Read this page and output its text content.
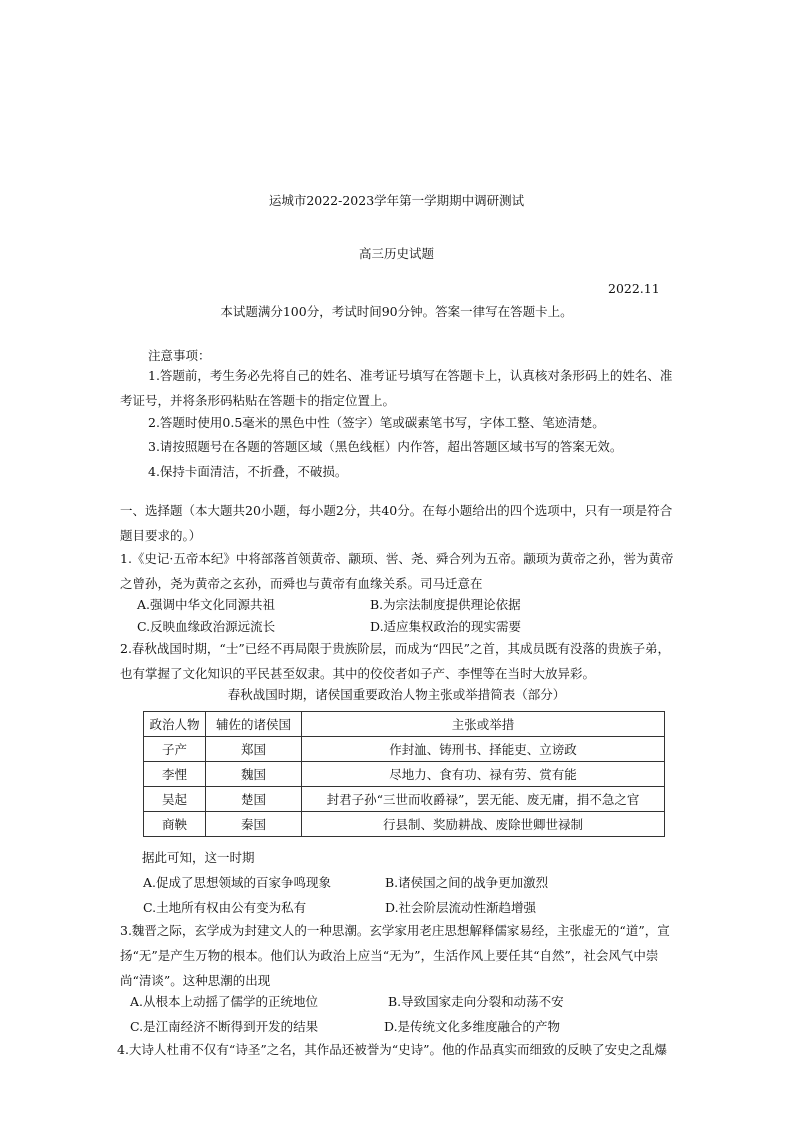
运城市2022-2023学年第一学期期中调研测试
高三历史试题
2022.11
本试题满分100分，考试时间90分钟。答案一律写在答题卡上。
注意事项：
1.答题前，考生务必先将自己的姓名、准考证号填写在答题卡上，认真核对条形码上的姓名、准考证号，并将条形码粘贴在答题卡的指定位置上。
2.答题时使用0.5毫米的黑色中性（签字）笔或碳素笔书写，字体工整、笔迹清楚。
3.请按照题号在各题的答题区域（黑色线框）内作答，超出答题区域书写的答案无效。
4.保持卡面清洁，不折叠，不破损。
一、选择题（本大题共20小题，每小题2分，共40分。在每小题给出的四个选项中，只有一项是符合题目要求的。）
1.《史记·五帝本纪》中将部落首领黄帝、颛顼、喾、尧、舜合列为五帝。颛顼为黄帝之孙，喾为黄帝之曾孙，尧为黄帝之玄孙，而舜也与黄帝有血缘关系。司马迁意在
A.强调中华文化同源共祖	B.为宗法制度提供理论依据
C.反映血缘政治源远流长	D.适应集权政治的现实需要
2.春秋战国时期，“士”已经不再局限于贵族阶层，而成为“四民”之首，其成员既有没落的贵族子弟，也有掌握了文化知识的平民甚至奴隶。其中的佼佼者如子产、李悝等在当时大放异彩。
春秋战国时期，诸侯国重要政治人物主张或举措简表（部分）
政治人物	辅佐的诸侯国	主张或举措
子产	郑国	作封洫、铸刑书、择能吏、立谤政
李悝	魏国	尽地力、食有功、禄有劳、赏有能
吴起	楚国	封君子孙“三世而收爵禄”，罢无能、废无庸，捐不急之官
商鞅	秦国	行县制、奖励耕战、废除世卿世禄制
据此可知，这一时期
A.促成了思想领域的百家争鸣现象	B.诸侯国之间的战争更加激烈
C.土地所有权由公有变为私有	D.社会阶层流动性渐趋增强
3.魏晋之际，玄学成为封建文人的一种思潮。玄学家用老庄思想解释儒家易经，主张虚无的“道”，宣扬“无”是产生万物的根本。他们认为政治上应当“无为”，生活作风上要任其“自然”，社会风气中崇尚“清谈”。这种思潮的出现
A.从根本上动摇了儒学的正统地位	B.导致国家走向分裂和动荡不安
C.是江南经济不断得到开发的结果	D.是传统文化多维度融合的产物
4.大诗人杜甫不仅有“诗圣”之名，其作品还被誉为“史诗”。他的作品真实而细致的反映了安史之乱爆
